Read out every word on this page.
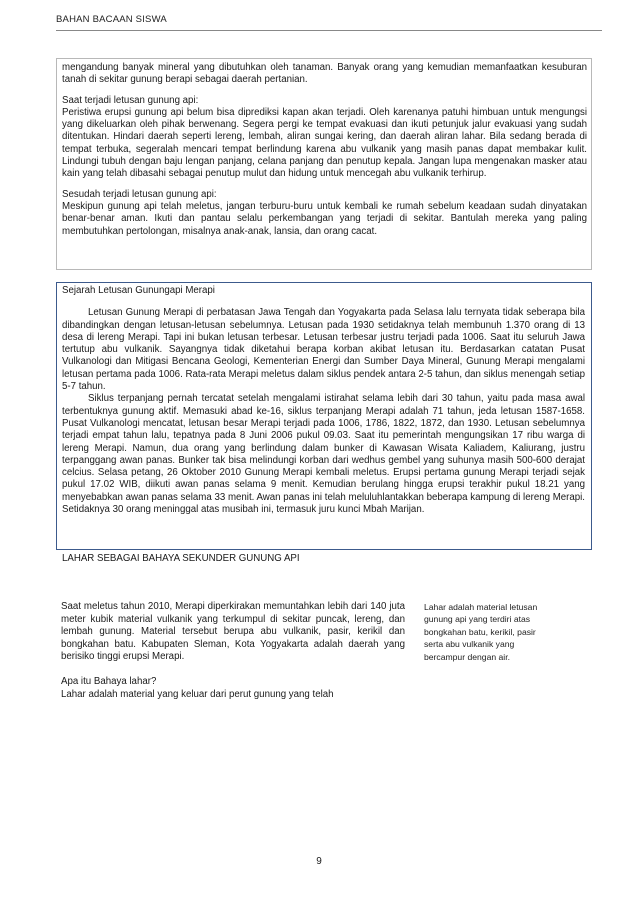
BAHAN BACAAN SISWA

mengandung banyak mineral yang dibutuhkan oleh tanaman. Banyak orang yang kemudian memanfaatkan kesuburan tanah di sekitar gunung berapi sebagai daerah pertanian.

Saat terjadi letusan gunung api:
Peristiwa erupsi gunung api belum bisa diprediksi kapan akan terjadi. Oleh karenanya patuhi himbuan untuk mengungsi yang dikeluarkan oleh pihak berwenang. Segera pergi ke tempat evakuasi dan ikuti petunjuk jalur evakuasi yang sudah ditentukan. Hindari daerah seperti lereng, lembah, aliran sungai kering, dan daerah aliran lahar. Bila sedang berada di tempat terbuka, segeralah mencari tempat berlindung karena abu vulkanik yang masih panas dapat membakar kulit. Lindungi tubuh dengan baju lengan panjang, celana panjang dan penutup kepala. Jangan lupa mengenakan masker atau kain yang telah dibasahi sebagai penutup mulut dan hidung untuk mencegah abu vulkanik terhirup.

Sesudah terjadi letusan gunung api:
Meskipun gunung api telah meletus, jangan terburu-buru untuk kembali ke rumah sebelum keadaan sudah dinyatakan benar-benar aman. Ikuti dan pantau selalu perkembangan yang terjadi di sekitar. Bantulah mereka yang paling membutuhkan pertolongan, misalnya anak-anak, lansia, dan orang cacat.

Sejarah Letusan Gunungapi Merapi

Letusan Gunung Merapi di perbatasan Jawa Tengah dan Yogyakarta pada Selasa lalu ternyata tidak seberapa bila dibandingkan dengan letusan-letusan sebelumnya. Letusan pada 1930 setidaknya telah membunuh 1.370 orang di 13 desa di lereng Merapi. Tapi ini bukan letusan terbesar. Letusan terbesar justru terjadi pada 1006. Saat itu seluruh Jawa tertutup abu vulkanik. Sayangnya tidak diketahui berapa korban akibat letusan itu. Berdasarkan catatan Pusat Vulkanologi dan Mitigasi Bencana Geologi, Kementerian Energi dan Sumber Daya Mineral, Gunung Merapi mengalami letusan pertama pada 1006. Rata-rata Merapi meletus dalam siklus pendek antara 2-5 tahun, dan siklus menengah setiap 5-7 tahun.

Siklus terpanjang pernah tercatat setelah mengalami istirahat selama lebih dari 30 tahun, yaitu pada masa awal terbentuknya gunung aktif. Memasuki abad ke-16, siklus terpanjang Merapi adalah 71 tahun, jeda letusan 1587-1658. Pusat Vulkanologi mencatat, letusan besar Merapi terjadi pada 1006, 1786, 1822, 1872, dan 1930. Letusan sebelumnya terjadi empat tahun lalu, tepatnya pada 8 Juni 2006 pukul 09.03. Saat itu pemerintah mengungsikan 17 ribu warga di lereng Merapi. Namun, dua orang yang berlindung dalam bunker di Kawasan Wisata Kaliadem, Kaliurang, justru terpanggang awan panas. Bunker tak bisa melindungi korban dari wedhus gembel yang suhunya masih 500-600 derajat celcius. Selasa petang, 26 Oktober 2010 Gunung Merapi kembali meletus. Erupsi pertama gunung Merapi terjadi sejak pukul 17.02 WIB, diikuti awan panas selama 9 menit. Kemudian berulang hingga erupsi terakhir pukul 18.21 yang menyebabkan awan panas selama 33 menit. Awan panas ini telah meluluhlantakkan beberapa kampung di lereng Merapi. Setidaknya 30 orang meninggal atas musibah ini, termasuk juru kunci Mbah Marijan.

LAHAR SEBAGAI BAHAYA SEKUNDER GUNUNG API

Saat meletus tahun 2010, Merapi diperkirakan memuntahkan lebih dari 140 juta meter kubik material vulkanik yang terkumpul di sekitar puncak, lereng, dan lembah gunung. Material tersebut berupa abu vulkanik, pasir, kerikil dan bongkahan batu. Kabupaten Sleman, Kota Yogyakarta adalah daerah yang berisiko tinggi erupsi Merapi.

Apa itu Bahaya lahar?
Lahar adalah material yang keluar dari perut gunung yang telah

Lahar adalah material letusan gunung api yang terdiri atas bongkahan batu, kerikil, pasir serta abu vulkanik yang bercampur dengan air.
9
